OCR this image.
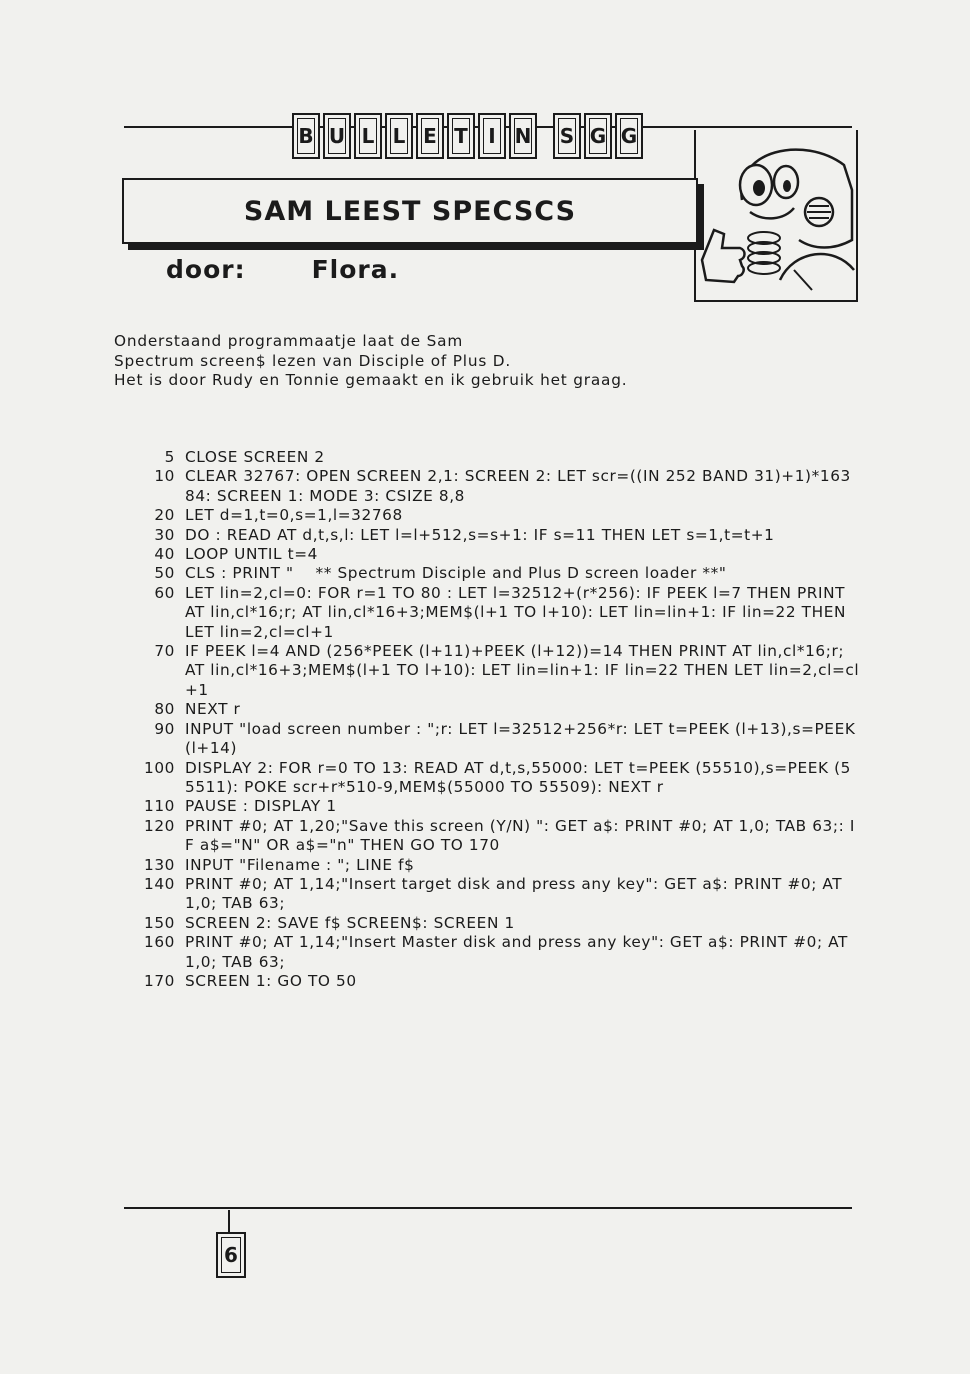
B U L L E T	I N	S G G
SAM LEEST SPECSCS
door:	Flora.
Onderstaand programmaatje laat de Sam
Spectrum screen$ lezen van Disciple of Plus D.
Het is door Rudy en Tonnie gemaakt en ik gebruik het graag.
5 CLOSE SCREEN 2
10 CLEAR 32767: OPEN SCREEN 2,1: SCREEN 2: LET scr=((IN 252 BAND 31)+1)*16384: SCREEN 1: MODE 3: CSIZE 8,8
20 LET d=1,t=0,s=1,l=32768
30 DO : READ AT d,t,s,l: LET l=l+512,s=s+1: IF s=11 THEN LET s=1,t=t+1
40 LOOP UNTIL t=4
50 CLS : PRINT "    ** Spectrum Disciple and Plus D screen loader **"
60 LET lin=2,cl=0: FOR r=1 TO 80 : LET l=32512+(r*256): IF PEEK l=7 THEN PRINT AT lin,cl*16;r; AT lin,cl*16+3;MEM$(l+1 TO l+10): LET lin=lin+1: IF lin=22 THEN LET lin=2,cl=cl+1
70 IF PEEK l=4 AND (256*PEEK (l+11)+PEEK (l+12))=14 THEN PRINT AT lin,cl*16;r; AT lin,cl*16+3;MEM$(l+1 TO l+10): LET lin=lin+1: IF lin=22 THEN LET lin=2,cl=cl+1
80 NEXT r
90 INPUT "load screen number : ";r: LET l=32512+256*r: LET t=PEEK (l+13),s=PEEK (l+14)
100 DISPLAY 2: FOR r=0 TO 13: READ AT d,t,s,55000: LET t=PEEK (55510),s=PEEK (55511): POKE scr+r*510-9,MEM$(55000 TO 55509): NEXT r
110 PAUSE : DISPLAY 1
120 PRINT #0; AT 1,20;"Save this screen (Y/N) ": GET a$: PRINT #0; AT 1,0; TAB 63;: IF a$="N" OR a$="n" THEN GO TO 170
130 INPUT "Filename : "; LINE f$
140 PRINT #0; AT 1,14;"Insert target disk and press any key": GET a$: PRINT #0; AT 1,0; TAB 63;
150 SCREEN 2: SAVE f$ SCREEN$: SCREEN 1
160 PRINT #0; AT 1,14;"Insert Master disk and press any key": GET a$: PRINT #0; AT 1,0; TAB 63;
170 SCREEN 1: GO TO 50
6
